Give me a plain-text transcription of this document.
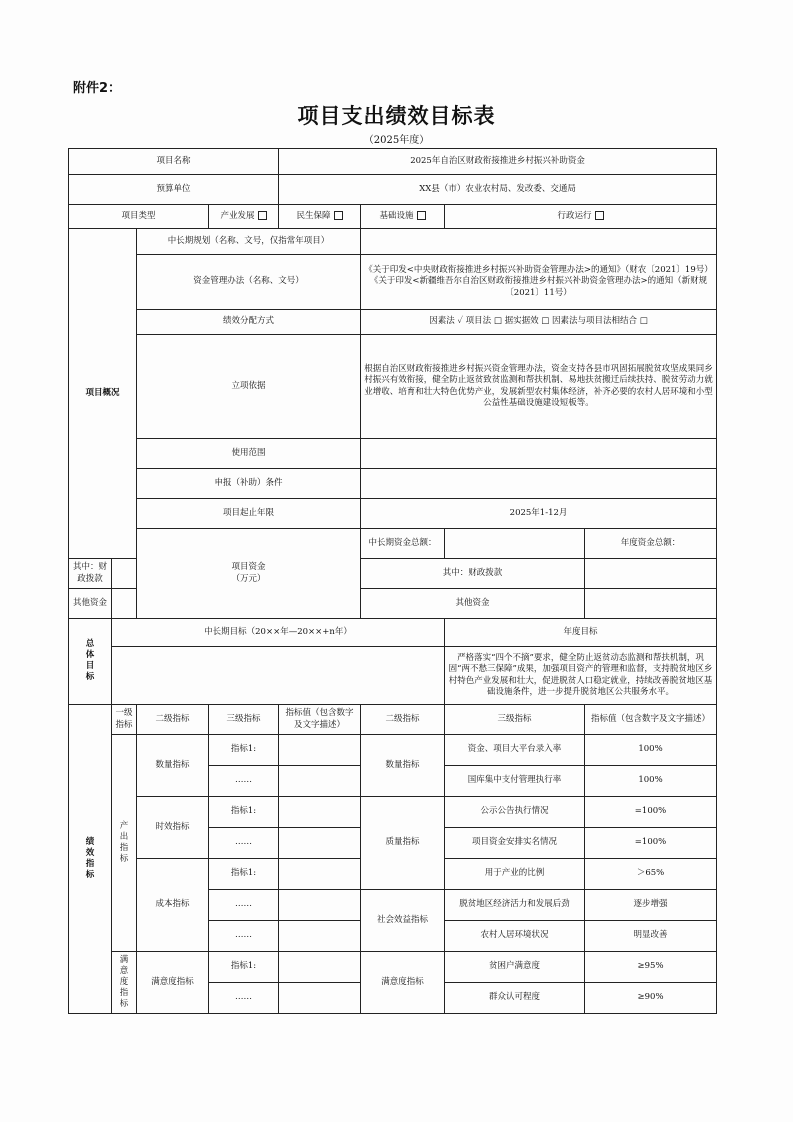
附件2：
项目支出绩效目标表
（2025年度）
项目名称				2025年自治区财政衔接推进乡村振兴补助资金				
预算单位				XX县（市）农业农村局、发改委、交通局				
项目类型			产业发展	民生保障	基础设施	行政运行		
项目概况		中长期规划（名称、文号，仅指常年项目）						
		资金管理办法（名称、文号）			《关于印发<中央财政衔接推进乡村振兴补助资金管理办法>的通知》（财农〔2021〕19号）
《关于印发<新疆维吾尔自治区财政衔接推进乡村振兴补助资金管理办法>的通知（新财规〔2021〕11号）			

		绩效分配方式			因素法 ✓ 项目法 □ 据实据效 □ 因素法与项目法相结合 □			
		立项依据			根据自治区财政衔接推进乡村振兴资金管理办法，资金支持各县市巩固拓展脱贫攻坚成果同乡村振兴有效衔接，健全防止返贫致贫监测和帮扶机制、易地扶贫搬迁后续扶持、脱贫劳动力就业增收、培育和壮大特色优势产业，发展新型农村集体经济，补齐必要的农村人居环境和小型公益性基础设施建设短板等。			
		使用范围						
		申报（补助）条件						
		项目起止年限			2025年1-12月			

		项目资金
（万元）			中长期资金总额：		年度资金总额：	
其中：财政拨款					其中：财政拨款			
其他资金					其他资金			
总体目标	中长期目标（20××年—20××+n年）					年度目标		
						严格落实“四个不摘”要求，健全防止返贫动态监测和帮扶机制，巩固“两不愁三保障”成果，加强项目资产的管理和监督，支持脱贫地区乡村特色产业发展和壮大，促进脱贫人口稳定就业，持续改善脱贫地区基础设施条件，进一步提升脱贫地区公共服务水平。		
绩效指标	一级指标	二级指标	三级指标	指标值（包含数字及文字描述）	二级指标	三级指标	指标值（包含数字及文字描述）	
	产出指标	数量指标	指标1:		数量指标	资金、项目大平台录入率	100%	
			……			国库集中支付管理执行率	100%	
		时效指标	指标1:		质量指标	公示公告执行情况	=100%	
			……			项目资金安排实名情况	=100%	
		成本指标	指标1:			用于产业的比例	＞65%	
			……		社会效益指标	脱贫地区经济活力和发展后劲	逐步增强	
			……			农村人居环境状况	明显改善	
	满意度指标	满意度指标	指标1:		满意度指标	贫困户满意度	≥95%	
			……			群众认可程度	≥90%	
